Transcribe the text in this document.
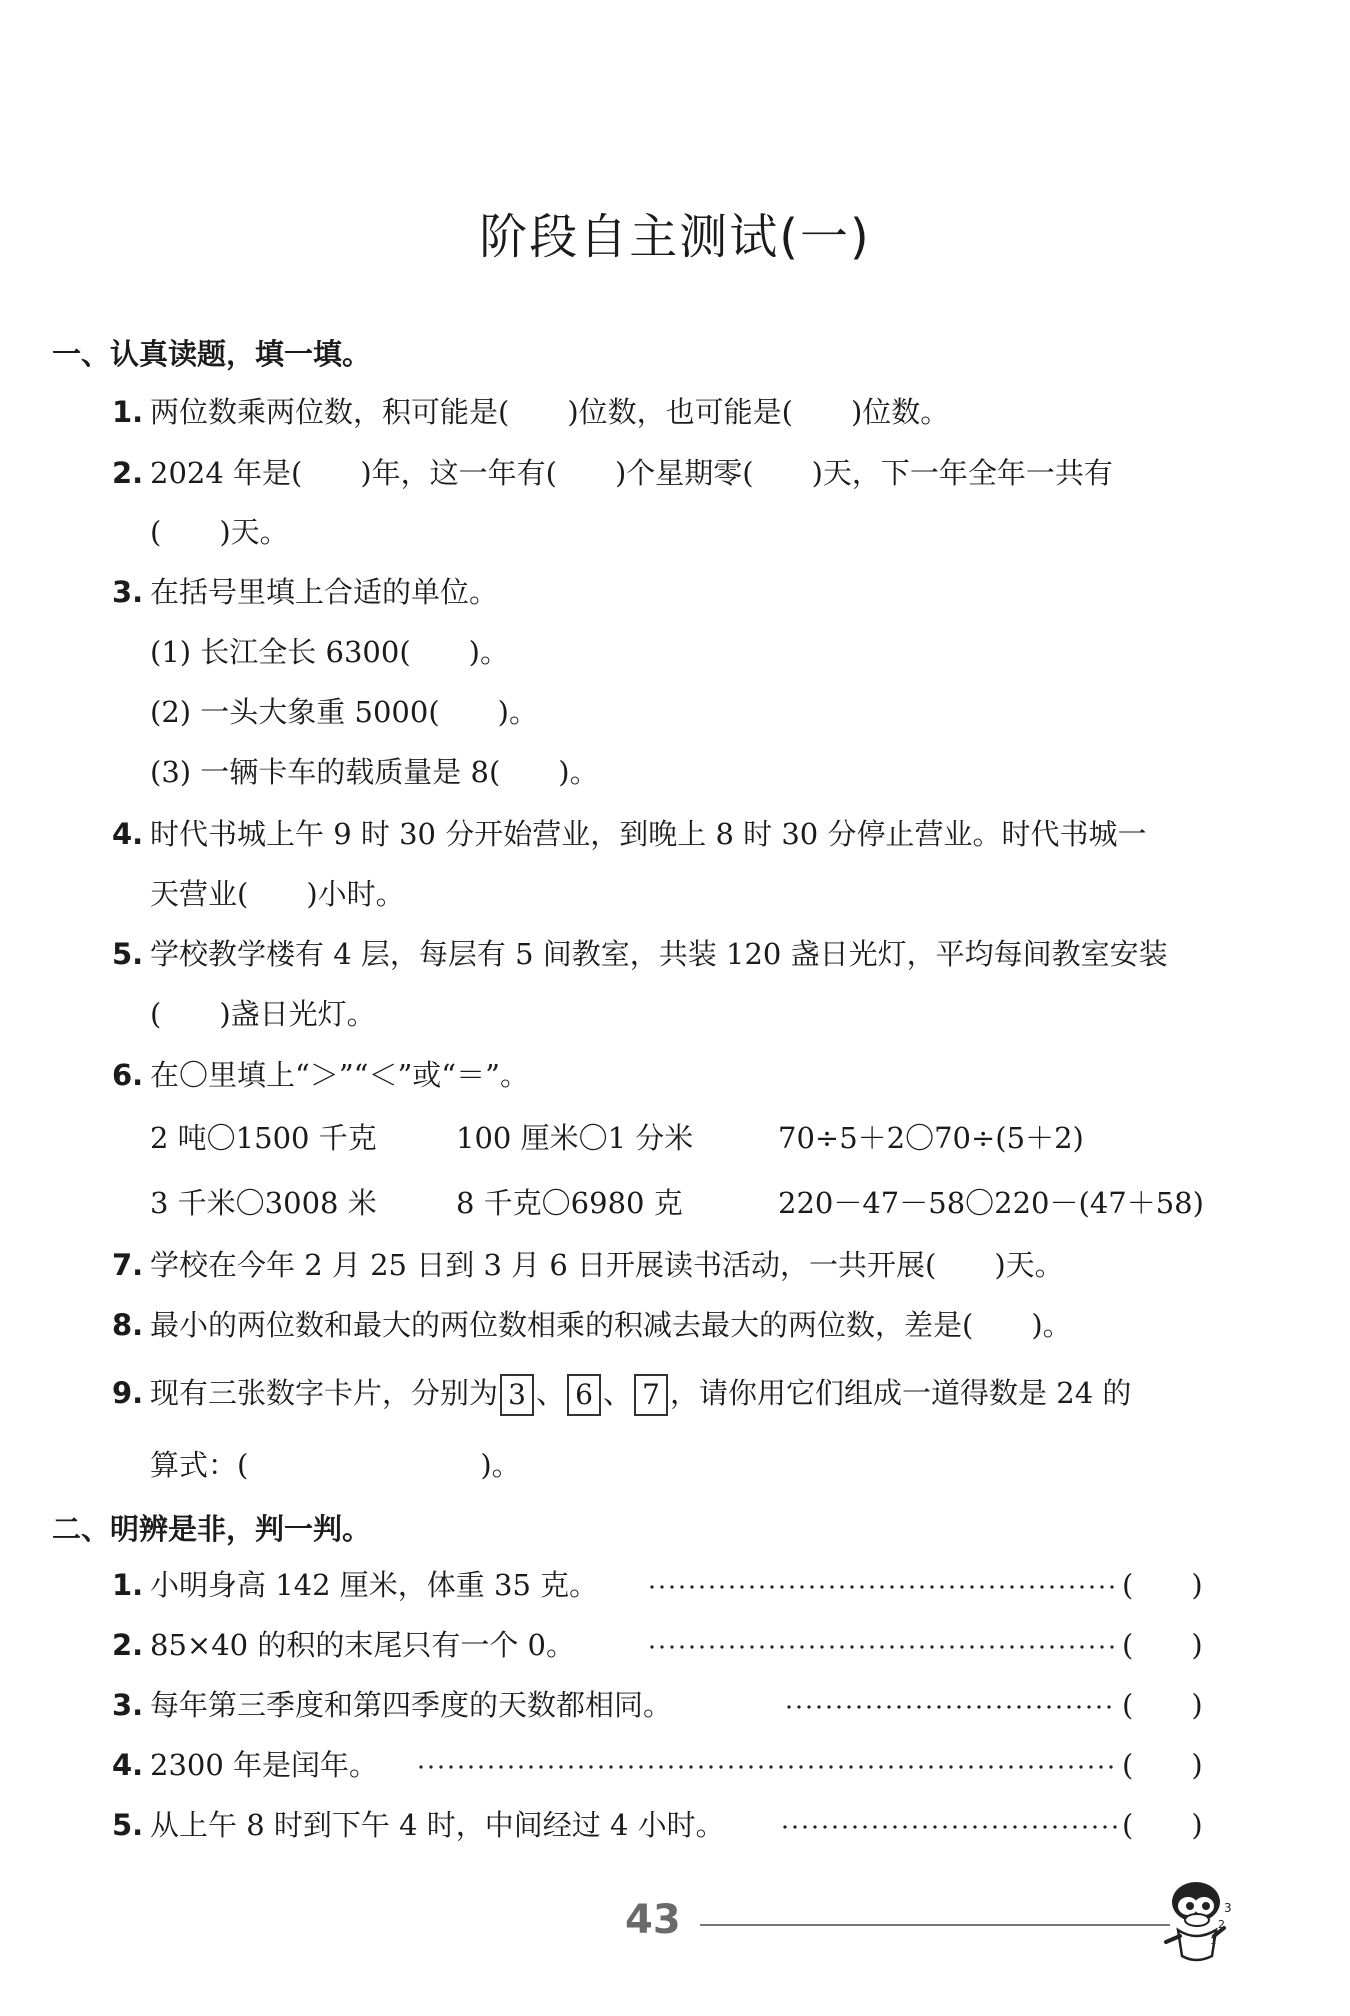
阶段自主测试(一)
一、认真读题，填一填。
1. 两位数乘两位数，积可能是(　　)位数，也可能是(　　)位数。
2. 2024 年是(　　)年，这一年有(　　)个星期零(　　)天，下一年全年一共有
(　　)天。
3. 在括号里填上合适的单位。
(1) 长江全长 6300(　　)。
(2) 一头大象重 5000(　　)。
(3) 一辆卡车的载质量是 8(　　)。
4. 时代书城上午 9 时 30 分开始营业，到晚上 8 时 30 分停止营业。时代书城一
天营业(　　)小时。
5. 学校教学楼有 4 层，每层有 5 间教室，共装 120 盏日光灯，平均每间教室安装
(　　)盏日光灯。
6. 在〇里填上“＞”“＜”或“＝”。
2 吨〇1500 千克	100 厘米〇1 分米	70÷5＋2〇70÷(5＋2)
3 千米〇3008 米	8 千克〇6980 克	220－47－58〇220－(47＋58)
7. 学校在今年 2 月 25 日到 3 月 6 日开展读书活动，一共开展(　　)天。
8. 最小的两位数和最大的两位数相乘的积减去最大的两位数，差是(　　)。
9. 现有三张数字卡片，分别为 3 、 6 、 7 ，请你用它们组成一道得数是 24 的
算式：(　　　　　　　　)。
二、明辨是非，判一判。
1. 小明身高 142 厘米，体重 35 克。	(　　)
2. 85×40 的积的末尾只有一个 0。	(　　)
3. 每年第三季度和第四季度的天数都相同。	(　　)
4. 2300 年是闰年。	(　　)
5. 从上午 8 时到下午 4 时，中间经过 4 小时。	(　　)
43	3
2
1
